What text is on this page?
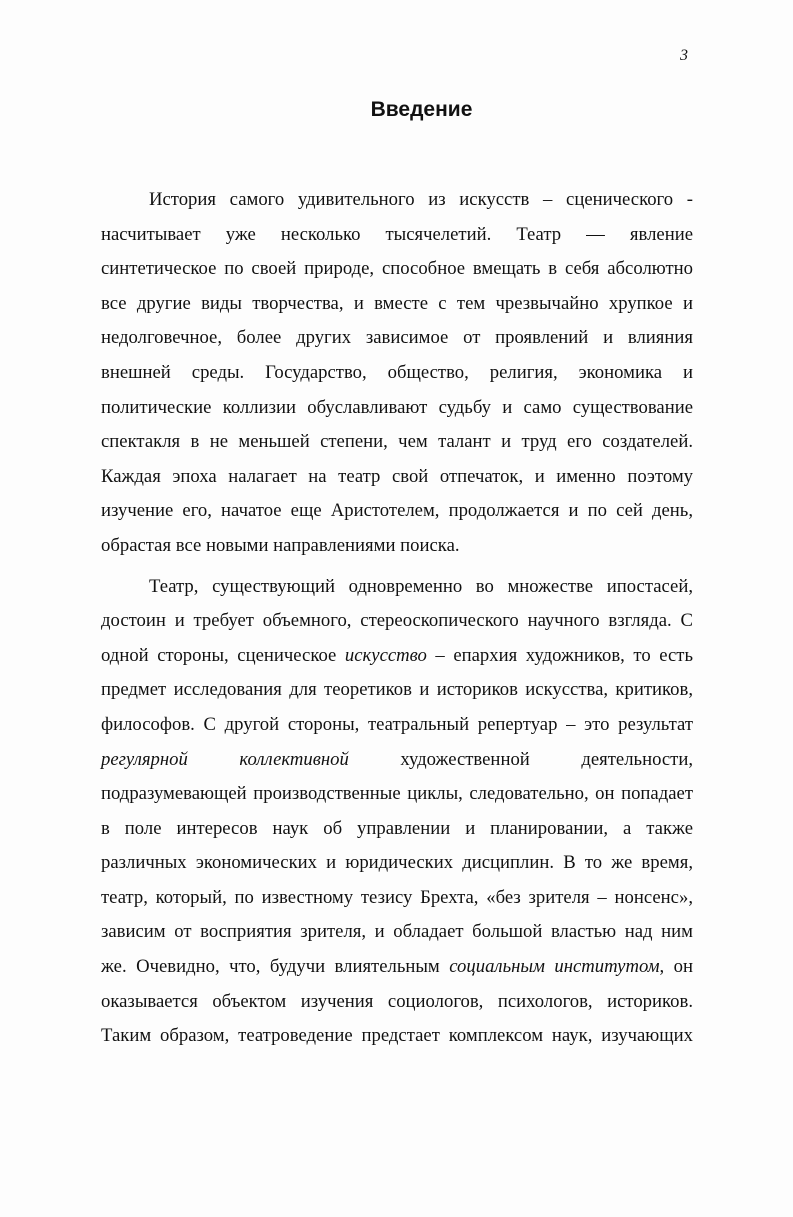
3
Введение
История самого удивительного из искусств – сценического -
насчитывает уже несколько тысячелетий. Театр — явление
синтетическое по своей природе, способное вмещать в себя абсолютно
все другие виды творчества, и вместе с тем чрезвычайно хрупкое и
недолговечное, более других зависимое от проявлений и влияния
внешней среды. Государство, общество, религия, экономика и
политические коллизии обуславливают судьбу и само существование
спектакля в не меньшей степени, чем талант и труд его создателей.
Каждая эпоха налагает на театр свой отпечаток, и именно поэтому
изучение его, начатое еще Аристотелем, продолжается и по сей день,
обрастая все новыми направлениями поиска.
Театр, существующий одновременно во множестве ипостасей,
достоин и требует объемного, стереоскопического научного взгляда. С
одной стороны, сценическое искусство – епархия художников, то есть
предмет исследования для теоретиков и историков искусства, критиков,
философов. С другой стороны, театральный репертуар – это результат
регулярной	коллективной	художественной	деятельности,
подразумевающей производственные циклы, следовательно, он попадает
в поле интересов наук об управлении и планировании, а также
различных экономических и юридических дисциплин. В то же время,
театр, который, по известному тезису Брехта, «без зрителя – нонсенс»,
зависим от восприятия зрителя, и обладает большой властью над ним
же. Очевидно, что, будучи влиятельным социальным институтом, он
оказывается объектом изучения социологов, психологов, историков.
Таким образом, театроведение предстает комплексом наук, изучающих
